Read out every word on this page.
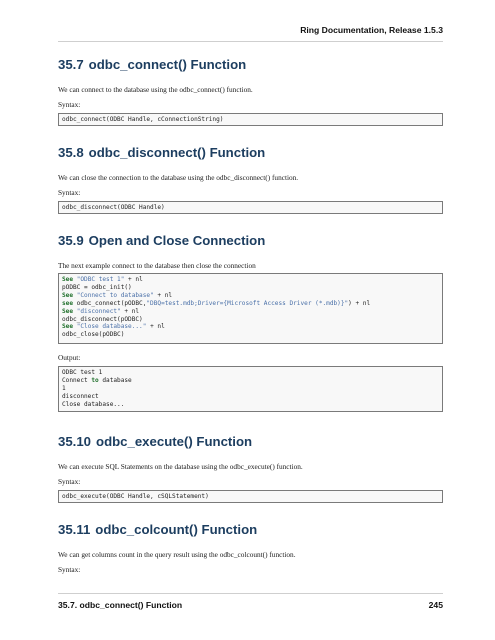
Ring Documentation, Release 1.5.3
35.7 odbc_connect() Function

We can connect to the database using the odbc_connect() function.

Syntax:

odbc_connect(ODBC Handle, cConnectionString)
35.8 odbc_disconnect() Function

We can close the connection to the database using the odbc_disconnect() function.

Syntax:

odbc_disconnect(ODBC Handle)
35.9 Open and Close Connection

The next example connect to the database then close the connection

See "ODBC test 1" + nl
pODBC = odbc_init()
See "Connect to database" + nl
see odbc_connect(pODBC,"DBQ=test.mdb;Driver={Microsoft Access Driver (*.mdb)}") + nl
See "disconnect" + nl
odbc_disconnect(pODBC)
See "Close database..." + nl
odbc_close(pODBC)

Output:

ODBC test 1
Connect to database
1
disconnect
Close database...
35.10 odbc_execute() Function

We can execute SQL Statements on the database using the odbc_execute() function.

Syntax:

odbc_execute(ODBC Handle, cSQLStatement)
35.11 odbc_colcount() Function

We can get columns count in the query result using the odbc_colcount() function.

Syntax:

35.7. odbc_connect() Function	245
